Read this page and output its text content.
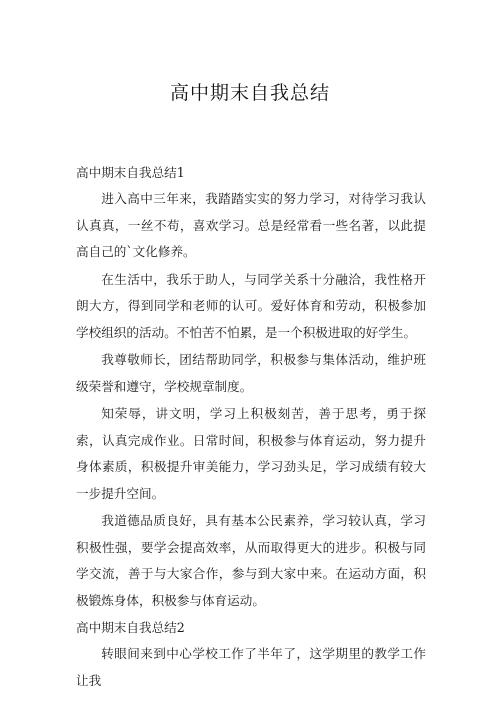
高中期末自我总结

高中期末自我总结1

进入高中三年来，我踏踏实实的努力学习，对待学习我认认真真，一丝不苟，喜欢学习。总是经常看一些名著，以此提高自己的`文化修养。

在生活中，我乐于助人，与同学关系十分融洽，我性格开朗大方，得到同学和老师的认可。爱好体育和劳动，积极参加学校组织的活动。不怕苦不怕累，是一个积极进取的好学生。

我尊敬师长，团结帮助同学，积极参与集体活动，维护班级荣誉和遵守，学校规章制度。

知荣辱，讲文明，学习上积极刻苦，善于思考，勇于探索，认真完成作业。日常时间，积极参与体育运动，努力提升身体素质，积极提升审美能力，学习劲头足，学习成绩有较大一步提升空间。

我道德品质良好，具有基本公民素养，学习较认真，学习积极性强，要学会提高效率，从而取得更大的进步。积极与同学交流，善于与大家合作，参与到大家中来。在运动方面，积极锻炼身体，积极参与体育运动。

高中期末自我总结2

转眼间来到中心学校工作了半年了，这学期里的教学工作让我
